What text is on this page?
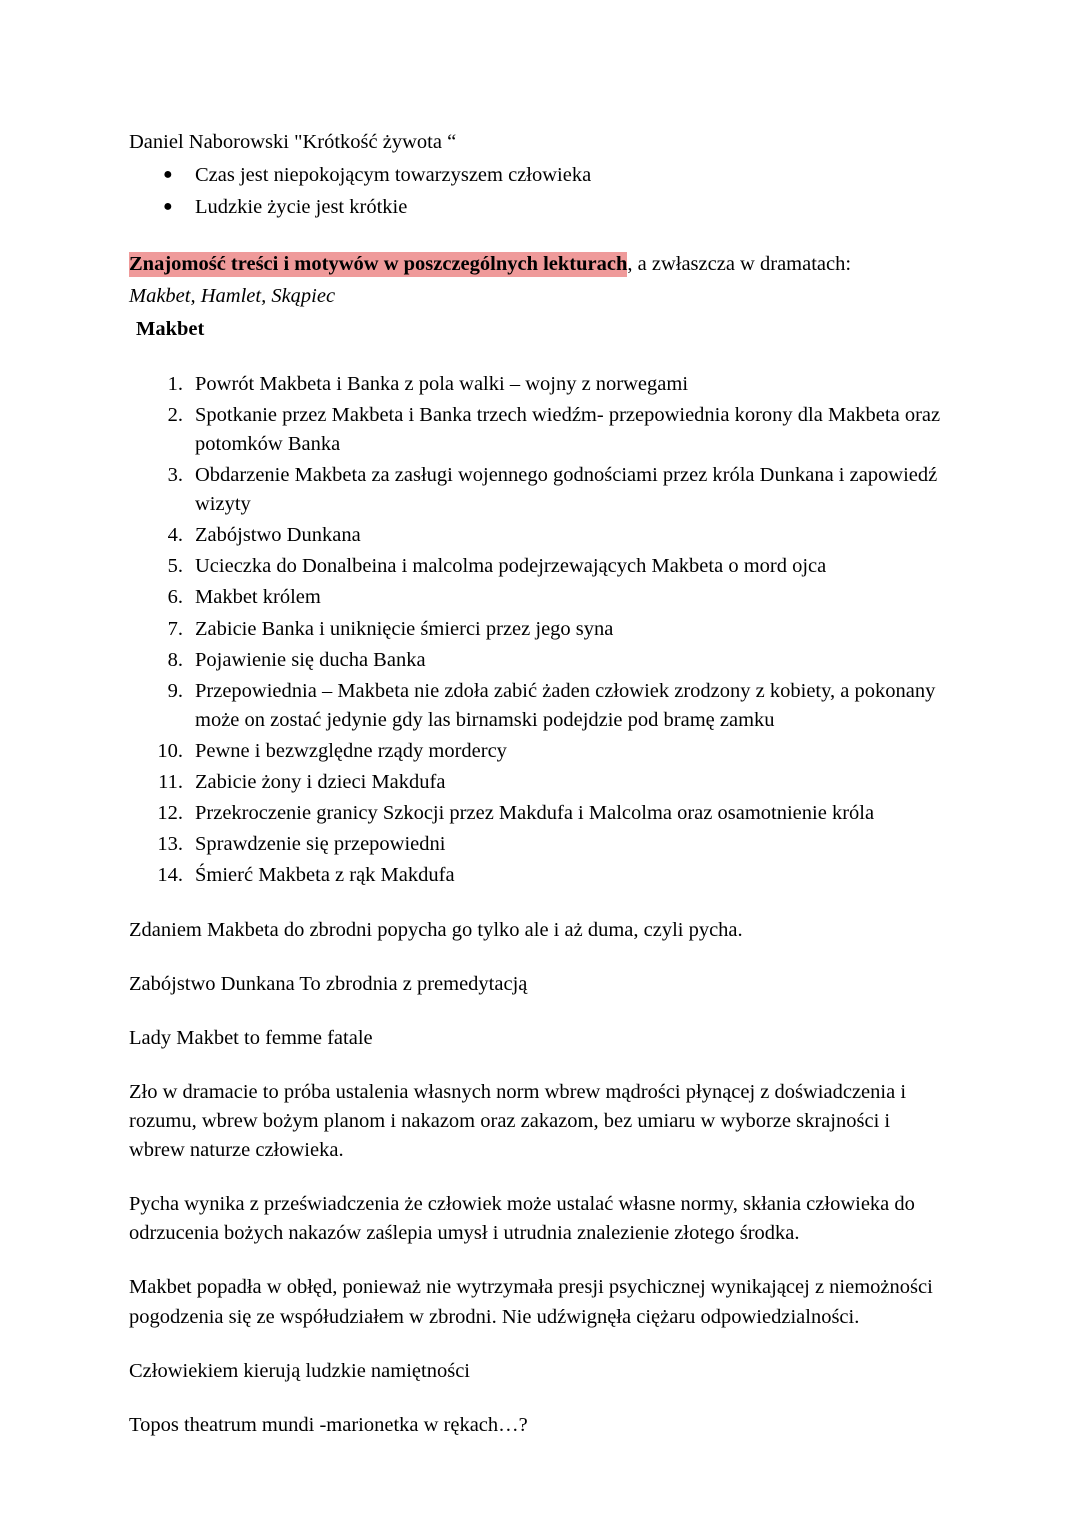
Daniel Naborowski "Krótkość żywota “

● Czas jest niepokojącym towarzyszem człowieka
● Ludzkie życie jest krótkie

Znajomość treści i motywów w poszczególnych lekturach, a zwłaszcza w dramatach:

Makbet, Hamlet, Skąpiec

Makbet

1. Powrót Makbeta i Banka z pola walki – wojny z norwegami
2. Spotkanie przez Makbeta i Banka trzech wiedźm- przepowiednia korony dla Makbeta oraz potomków Banka
3. Obdarzenie Makbeta za zasługi wojennego godnościami przez króla Dunkana i zapowiedź wizyty
4. Zabójstwo Dunkana
5. Ucieczka do Donalbeina i malcolma podejrzewających Makbeta o mord ojca
6. Makbet królem
7. Zabicie Banka i uniknięcie śmierci przez jego syna
8. Pojawienie się ducha Banka
9. Przepowiednia – Makbeta nie zdoła zabić żaden człowiek zrodzony z kobiety, a pokonany może on zostać jedynie gdy las birnamski podejdzie pod bramę zamku
10. Pewne i bezwzględne rządy mordercy
11. Zabicie żony i dzieci Makdufa
12. Przekroczenie granicy Szkocji przez Makdufa i Malcolma oraz osamotnienie króla
13. Sprawdzenie się przepowiedni
14. Śmierć Makbeta z rąk Makdufa

Zdaniem Makbeta do zbrodni popycha go tylko ale i aż duma, czyli pycha.

Zabójstwo Dunkana To zbrodnia z premedytacją

Lady Makbet to femme fatale

Zło w dramacie to próba ustalenia własnych norm wbrew mądrości płynącej z doświadczenia i rozumu, wbrew bożym planom i nakazom oraz zakazom, bez umiaru w wyborze skrajności i wbrew naturze człowieka.

Pycha wynika z przeświadczenia że człowiek może ustalać własne normy, skłania człowieka do odrzucenia bożych nakazów zaślepia umysł i utrudnia znalezienie złotego środka.

Makbet popadła w obłęd, ponieważ nie wytrzymała presji psychicznej wynikającej z niemożności pogodzenia się ze współudziałem w zbrodni. Nie udźwignęła ciężaru odpowiedzialności.

Człowiekiem kierują ludzkie namiętności

Topos theatrum mundi -marionetka w rękach…?
